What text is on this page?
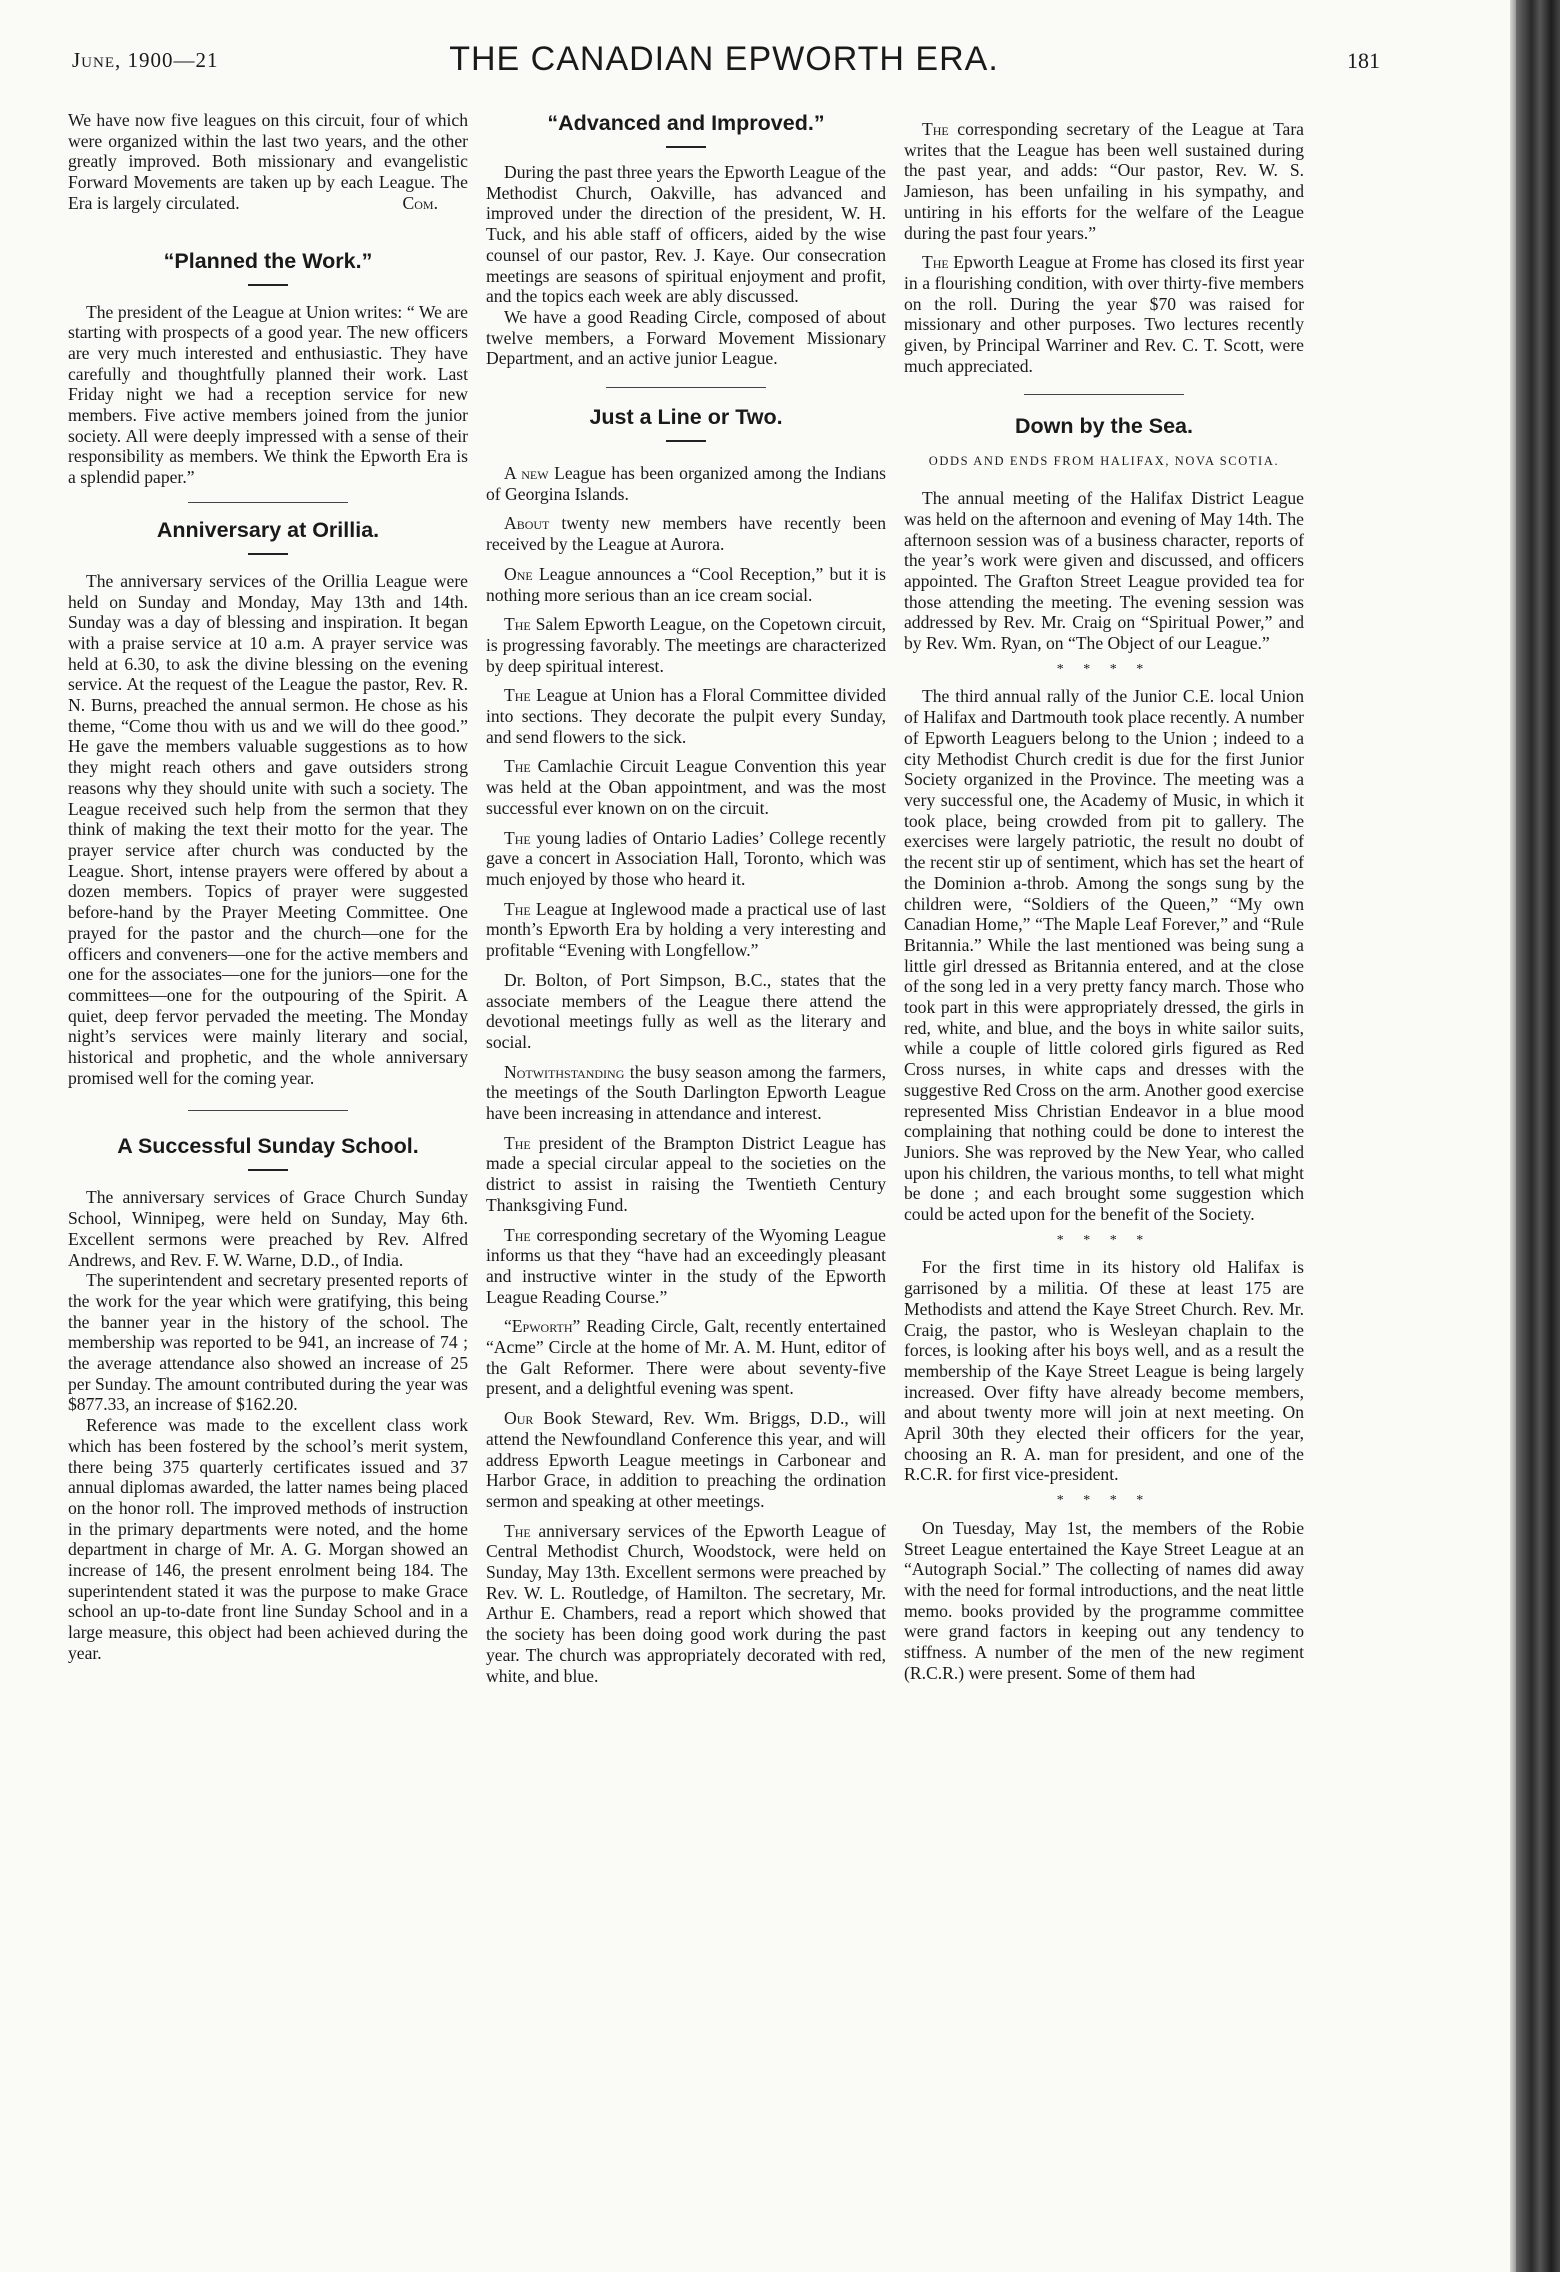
June, 1900—21	THE CANADIAN EPWORTH ERA.	181

We have now five leagues on this circuit, four of which were organized within the last two years, and the other greatly improved. Both missionary and evangelistic Forward Movements are taken up by each League. The Era is largely circulated.	Com.

“Planned the Work.”

The president of the League at Union writes: “ We are starting with prospects of a good year. The new officers are very much interested and enthusiastic. They have carefully and thoughtfully planned their work. Last Friday night we had a reception service for new members. Five active members joined from the junior society. All were deeply impressed with a sense of their responsibility as members. We think the Epworth Era is a splendid paper.”

Anniversary at Orillia.

The anniversary services of the Orillia League were held on Sunday and Monday, May 13th and 14th. Sunday was a day of blessing and inspiration. It began with a praise service at 10 a.m. A prayer service was held at 6.30, to ask the divine blessing on the evening service. At the request of the League the pastor, Rev. R. N. Burns, preached the annual sermon. He chose as his theme, “Come thou with us and we will do thee good.” He gave the members valuable suggestions as to how they might reach others and gave outsiders strong reasons why they should unite with such a society. The League received such help from the sermon that they think of making the text their motto for the year. The prayer service after church was conducted by the League. Short, intense prayers were offered by about a dozen members. Topics of prayer were suggested before-hand by the Prayer Meeting Committee. One prayed for the pastor and the church—one for the officers and conveners—one for the active members and one for the associates—one for the juniors—one for the committees—one for the outpouring of the Spirit. A quiet, deep fervor pervaded the meeting. The Monday night’s services were mainly literary and social, historical and prophetic, and the whole anniversary promised well for the coming year.

A Successful Sunday School.

The anniversary services of Grace Church Sunday School, Winnipeg, were held on Sunday, May 6th. Excellent sermons were preached by Rev. Alfred Andrews, and Rev. F. W. Warne, D.D., of India.

The superintendent and secretary presented reports of the work for the year which were gratifying, this being the banner year in the history of the school. The membership was reported to be 941, an increase of 74 ; the average attendance also showed an increase of 25 per Sunday. The amount contributed during the year was $877.33, an increase of $162.20.

Reference was made to the excellent class work which has been fostered by the school’s merit system, there being 375 quarterly certificates issued and 37 annual diplomas awarded, the latter names being placed on the honor roll. The improved methods of instruction in the primary departments were noted, and the home department in charge of Mr. A. G. Morgan showed an increase of 146, the present enrolment being 184. The superintendent stated it was the purpose to make Grace school an up-to-date front line Sunday School and in a large measure, this object had been achieved during the year.

“Advanced and Improved.”

During the past three years the Epworth League of the Methodist Church, Oakville, has advanced and improved under the direction of the president, W. H. Tuck, and his able staff of officers, aided by the wise counsel of our pastor, Rev. J. Kaye. Our consecration meetings are seasons of spiritual enjoyment and profit, and the topics each week are ably discussed.

We have a good Reading Circle, composed of about twelve members, a Forward Movement Missionary Department, and an active junior League.

Just a Line or Two.

A new League has been organized among the Indians of Georgina Islands.

About twenty new members have recently been received by the League at Aurora.

One League announces a “Cool Reception,” but it is nothing more serious than an ice cream social.

The Salem Epworth League, on the Copetown circuit, is progressing favorably. The meetings are characterized by deep spiritual interest.

The League at Union has a Floral Committee divided into sections. They decorate the pulpit every Sunday, and send flowers to the sick.

The Camlachie Circuit League Convention this year was held at the Oban appointment, and was the most successful ever known on on the circuit.

The young ladies of Ontario Ladies’ College recently gave a concert in Association Hall, Toronto, which was much enjoyed by those who heard it.

The League at Inglewood made a practical use of last month’s Epworth Era by holding a very interesting and profitable “Evening with Longfellow.”

Dr. Bolton, of Port Simpson, B.C., states that the associate members of the League there attend the devotional meetings fully as well as the literary and social.

Notwithstanding the busy season among the farmers, the meetings of the South Darlington Epworth League have been increasing in attendance and interest.

The president of the Brampton District League has made a special circular appeal to the societies on the district to assist in raising the Twentieth Century Thanksgiving Fund.

The corresponding secretary of the Wyoming League informs us that they “have had an exceedingly pleasant and instructive winter in the study of the Epworth League Reading Course.”

“Epworth” Reading Circle, Galt, recently entertained “Acme” Circle at the home of Mr. A. M. Hunt, editor of the Galt Reformer. There were about seventy-five present, and a delightful evening was spent.

Our Book Steward, Rev. Wm. Briggs, D.D., will attend the Newfoundland Conference this year, and will address Epworth League meetings in Carbonear and Harbor Grace, in addition to preaching the ordination sermon and speaking at other meetings.

The anniversary services of the Epworth League of Central Methodist Church, Woodstock, were held on Sunday, May 13th. Excellent sermons were preached by Rev. W. L. Routledge, of Hamilton. The secretary, Mr. Arthur E. Chambers, read a report which showed that the society has been doing good work during the past year. The church was appropriately decorated with red, white, and blue.

The corresponding secretary of the League at Tara writes that the League has been well sustained during the past year, and adds: “Our pastor, Rev. W. S. Jamieson, has been unfailing in his sympathy, and untiring in his efforts for the welfare of the League during the past four years.”

The Epworth League at Frome has closed its first year in a flourishing condition, with over thirty-five members on the roll. During the year $70 was raised for missionary and other purposes. Two lectures recently given, by Principal Warriner and Rev. C. T. Scott, were much appreciated.

Down by the Sea.
ODDS AND ENDS FROM HALIFAX, NOVA SCOTIA.

The annual meeting of the Halifax District League was held on the afternoon and evening of May 14th. The afternoon session was of a business character, reports of the year’s work were given and discussed, and officers appointed. The Grafton Street League provided tea for those attending the meeting. The evening session was addressed by Rev. Mr. Craig on “Spiritual Power,” and by Rev. Wm. Ryan, on “The Object of our League.”

* * * *

The third annual rally of the Junior C.E. local Union of Halifax and Dartmouth took place recently. A number of Epworth Leaguers belong to the Union ; indeed to a city Methodist Church credit is due for the first Junior Society organized in the Province. The meeting was a very successful one, the Academy of Music, in which it took place, being crowded from pit to gallery. The exercises were largely patriotic, the result no doubt of the recent stir up of sentiment, which has set the heart of the Dominion a-throb. Among the songs sung by the children were, “Soldiers of the Queen,” “My own Canadian Home,” “The Maple Leaf Forever,” and “Rule Britannia.” While the last mentioned was being sung a little girl dressed as Britannia entered, and at the close of the song led in a very pretty fancy march. Those who took part in this were appropriately dressed, the girls in red, white, and blue, and the boys in white sailor suits, while a couple of little colored girls figured as Red Cross nurses, in white caps and dresses with the suggestive Red Cross on the arm. Another good exercise represented Miss Christian Endeavor in a blue mood complaining that nothing could be done to interest the Juniors. She was reproved by the New Year, who called upon his children, the various months, to tell what might be done ; and each brought some suggestion which could be acted upon for the benefit of the Society.

* * * *

For the first time in its history old Halifax is garrisoned by a militia. Of these at least 175 are Methodists and attend the Kaye Street Church. Rev. Mr. Craig, the pastor, who is Wesleyan chaplain to the forces, is looking after his boys well, and as a result the membership of the Kaye Street League is being largely increased. Over fifty have already become members, and about twenty more will join at next meeting. On April 30th they elected their officers for the year, choosing an R. A. man for president, and one of the R.C.R. for first vice-president.

* * * *

On Tuesday, May 1st, the members of the Robie Street League entertained the Kaye Street League at an “Autograph Social.” The collecting of names did away with the need for formal introductions, and the neat little memo. books provided by the programme committee were grand factors in keeping out any tendency to stiffness. A number of the men of the new regiment (R.C.R.) were present. Some of them had
